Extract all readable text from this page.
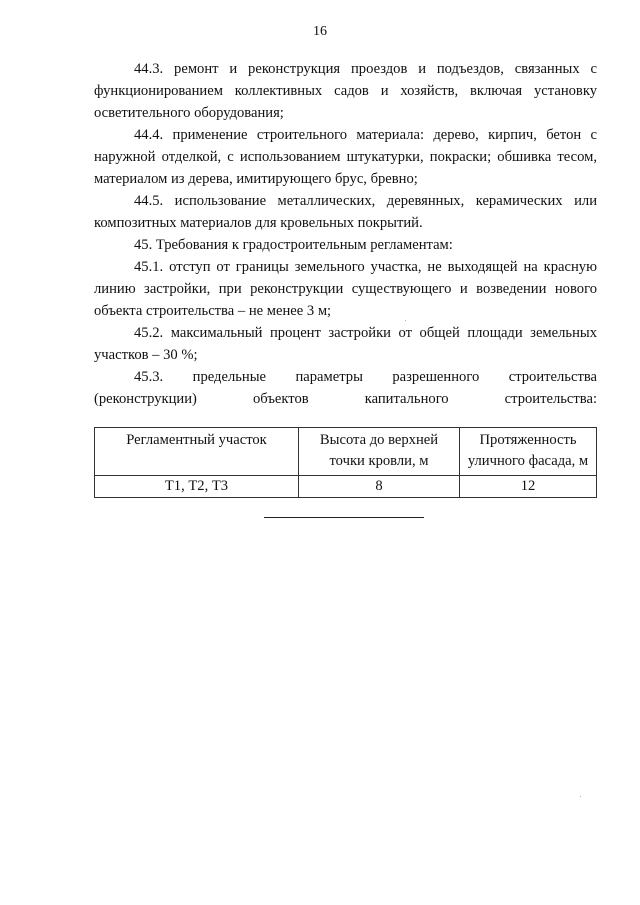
16

44.3. ремонт и реконструкция проездов и подъездов, связанных с функционированием коллективных садов и хозяйств, включая установку осветительного оборудования;

44.4. применение строительного материала: дерево, кирпич, бетон с наружной отделкой, с использованием штукатурки, покраски; обшивка тесом, материалом из дерева, имитирующего брус, бревно;

44.5. использование металлических, деревянных, керамических или композитных материалов для кровельных покрытий.

45. Требования к градостроительным регламентам:

45.1. отступ от границы земельного участка, не выходящей на красную линию застройки, при реконструкции существующего и возведении нового объекта строительства – не менее 3 м;

45.2. максимальный процент застройки от общей площади земельных участков – 30 %;

45.3. предельные параметры разрешенного строительства (реконструкции) объектов капитального строительства:

Регламентный участок	Высота до верхней точки кровли, м	Протяженность уличного фасада, м
Т1, Т2, Т3	8	12
